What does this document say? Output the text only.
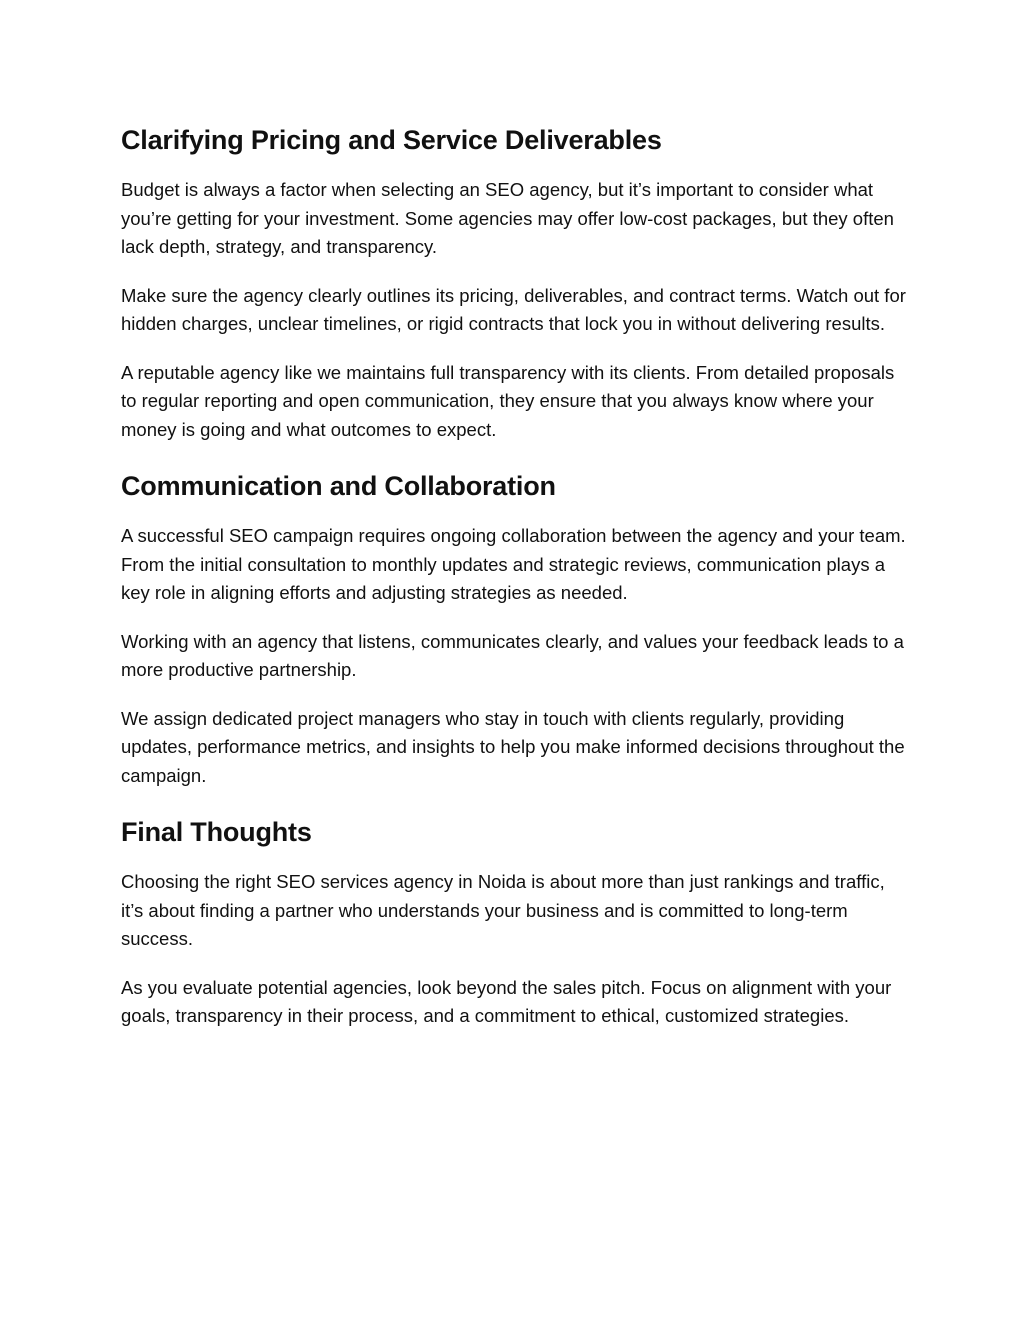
Clarifying Pricing and Service Deliverables

Budget is always a factor when selecting an SEO agency, but it’s important to consider what you’re getting for your investment. Some agencies may offer low-cost packages, but they often lack depth, strategy, and transparency.

Make sure the agency clearly outlines its pricing, deliverables, and contract terms. Watch out for hidden charges, unclear timelines, or rigid contracts that lock you in without delivering results.

A reputable agency like we maintains full transparency with its clients. From detailed proposals to regular reporting and open communication, they ensure that you always know where your money is going and what outcomes to expect.

Communication and Collaboration

A successful SEO campaign requires ongoing collaboration between the agency and your team. From the initial consultation to monthly updates and strategic reviews, communication plays a key role in aligning efforts and adjusting strategies as needed.

Working with an agency that listens, communicates clearly, and values your feedback leads to a more productive partnership.

We assign dedicated project managers who stay in touch with clients regularly, providing updates, performance metrics, and insights to help you make informed decisions throughout the campaign.

Final Thoughts

Choosing the right SEO services agency in Noida is about more than just rankings and traffic, it’s about finding a partner who understands your business and is committed to long-term success.

As you evaluate potential agencies, look beyond the sales pitch. Focus on alignment with your goals, transparency in their process, and a commitment to ethical, customized strategies.
